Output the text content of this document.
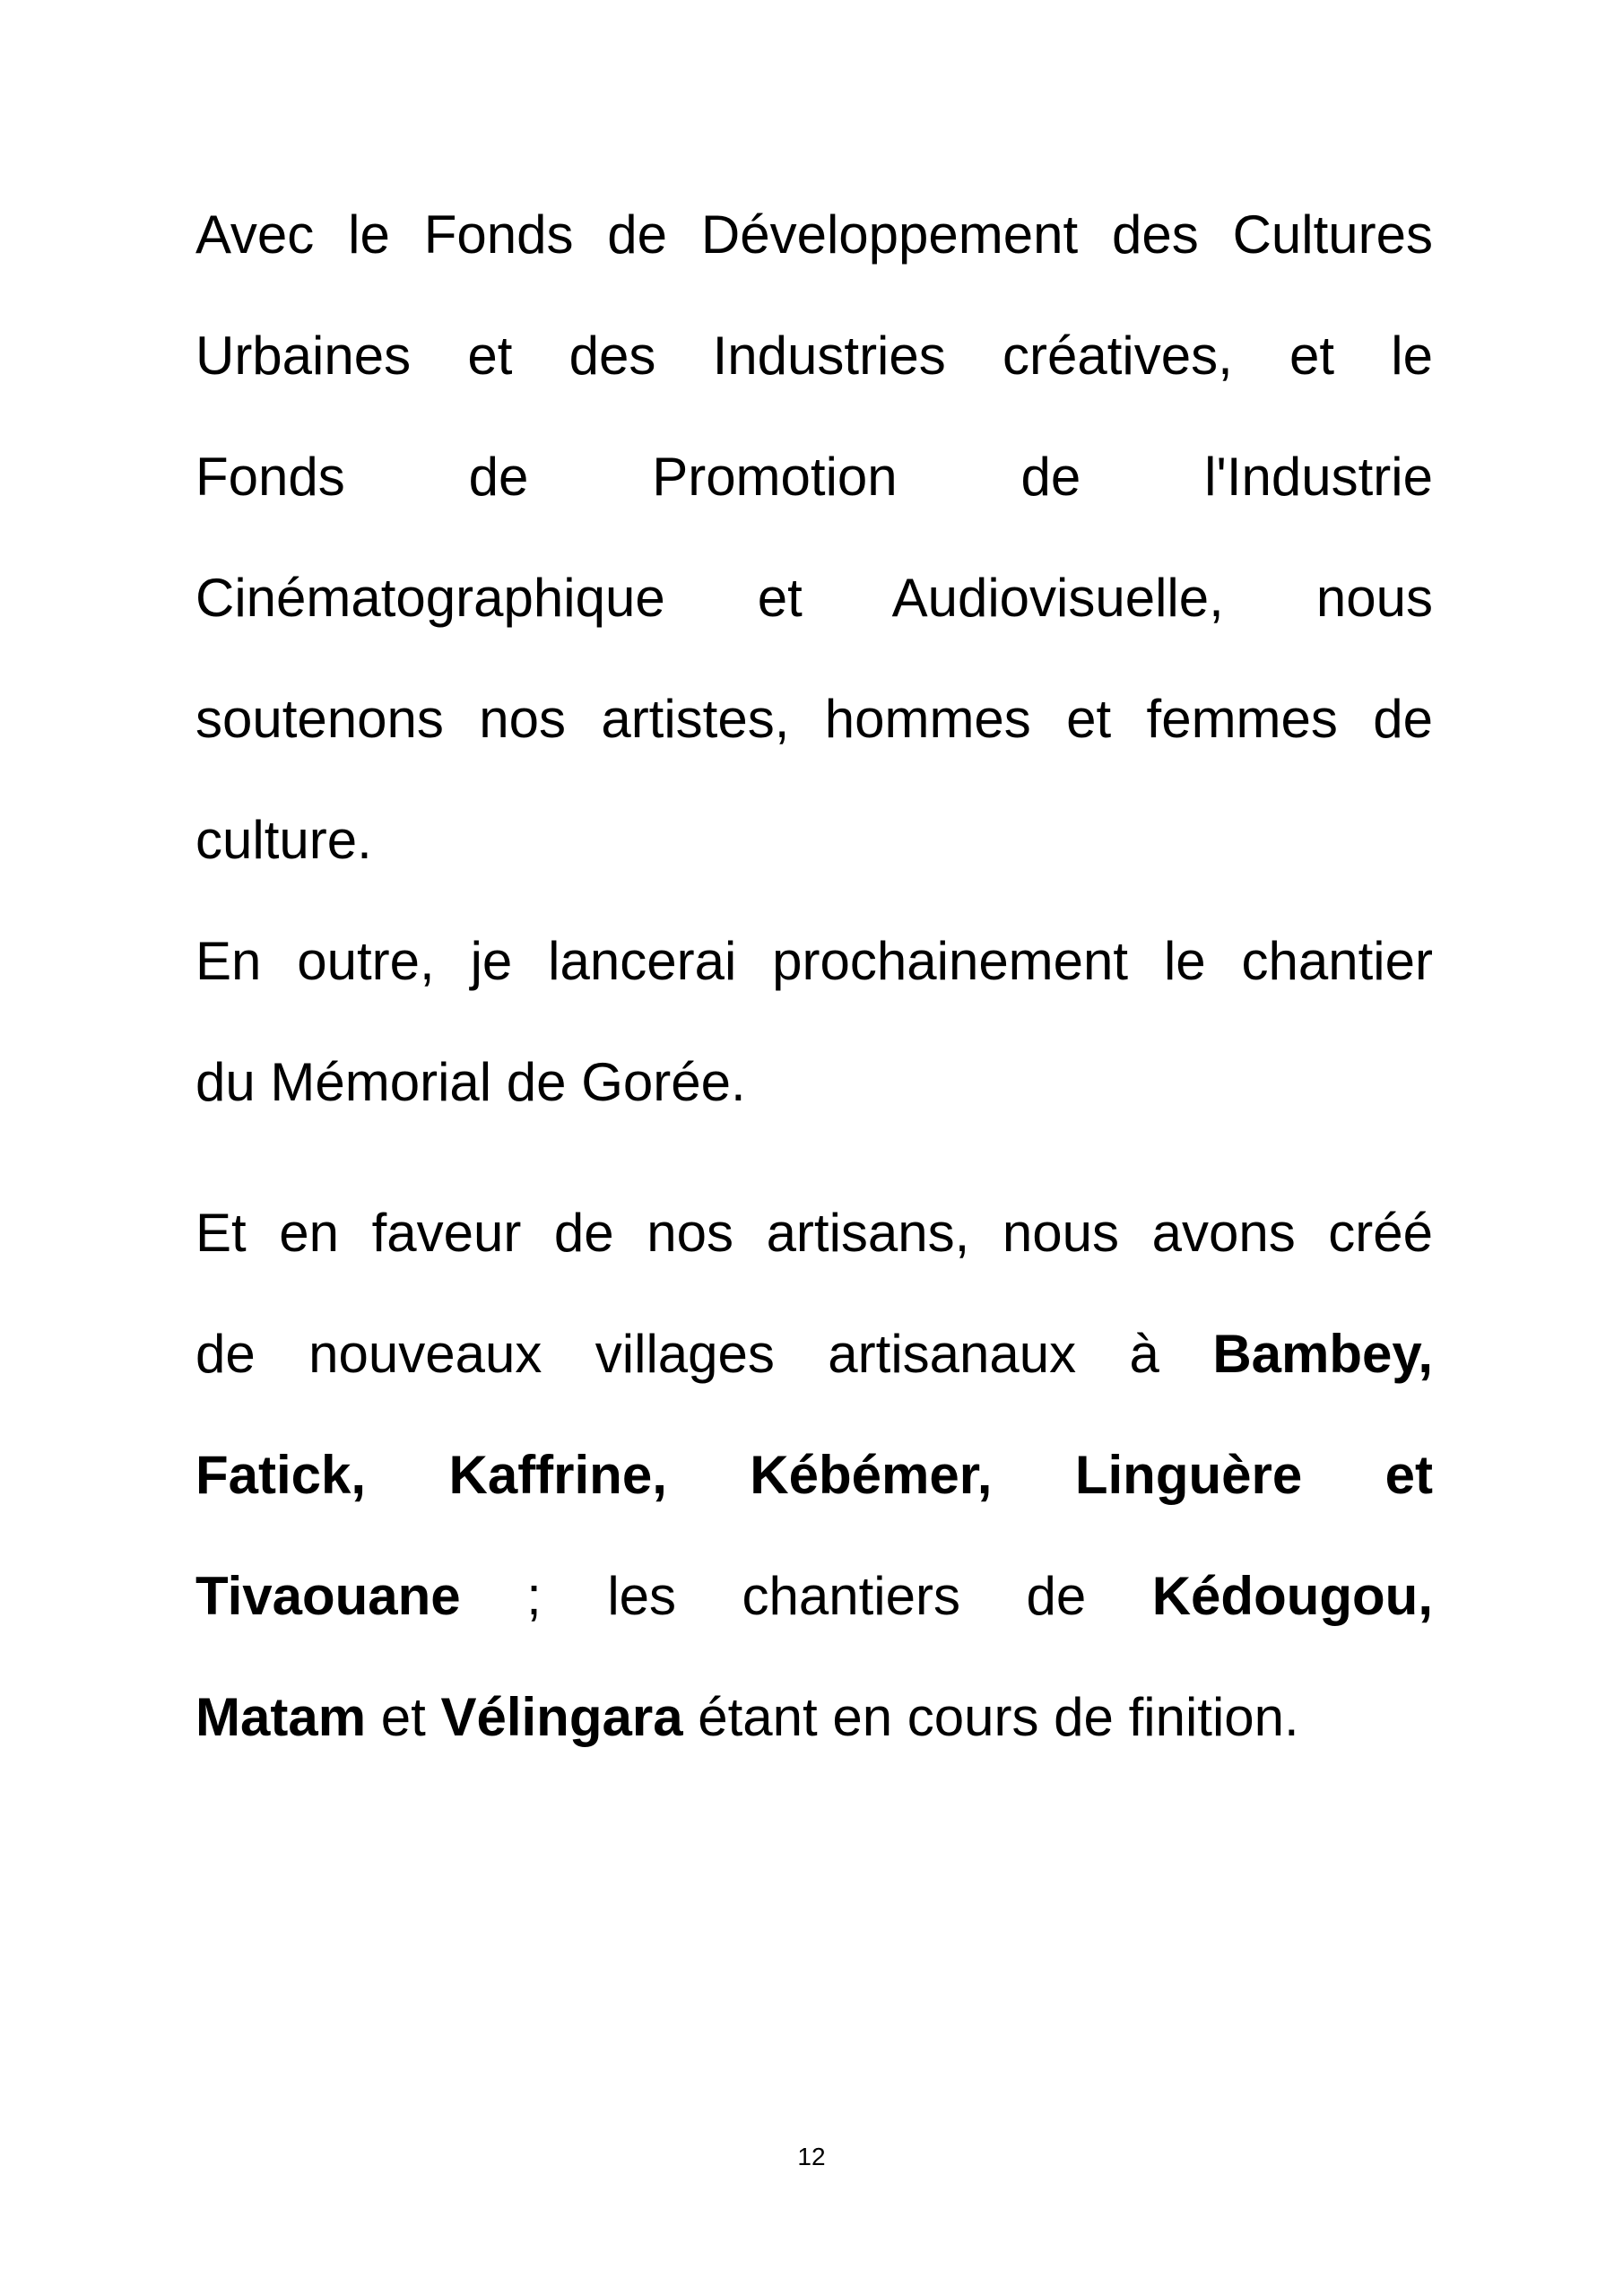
Avec le Fonds de Développement des Cultures
Urbaines et des Industries créatives, et le
Fonds de Promotion de l'Industrie
Cinématographique et Audiovisuelle, nous
soutenons nos artistes, hommes et femmes de
culture.
En outre, je lancerai prochainement le chantier
du Mémorial de Gorée.
Et en faveur de nos artisans, nous avons créé
de nouveaux villages artisanaux à Bambey,
Fatick, Kaffrine, Kébémer, Linguère et
Tivaouane ; les chantiers de Kédougou,
Matam et Vélingara étant en cours de finition.
12
